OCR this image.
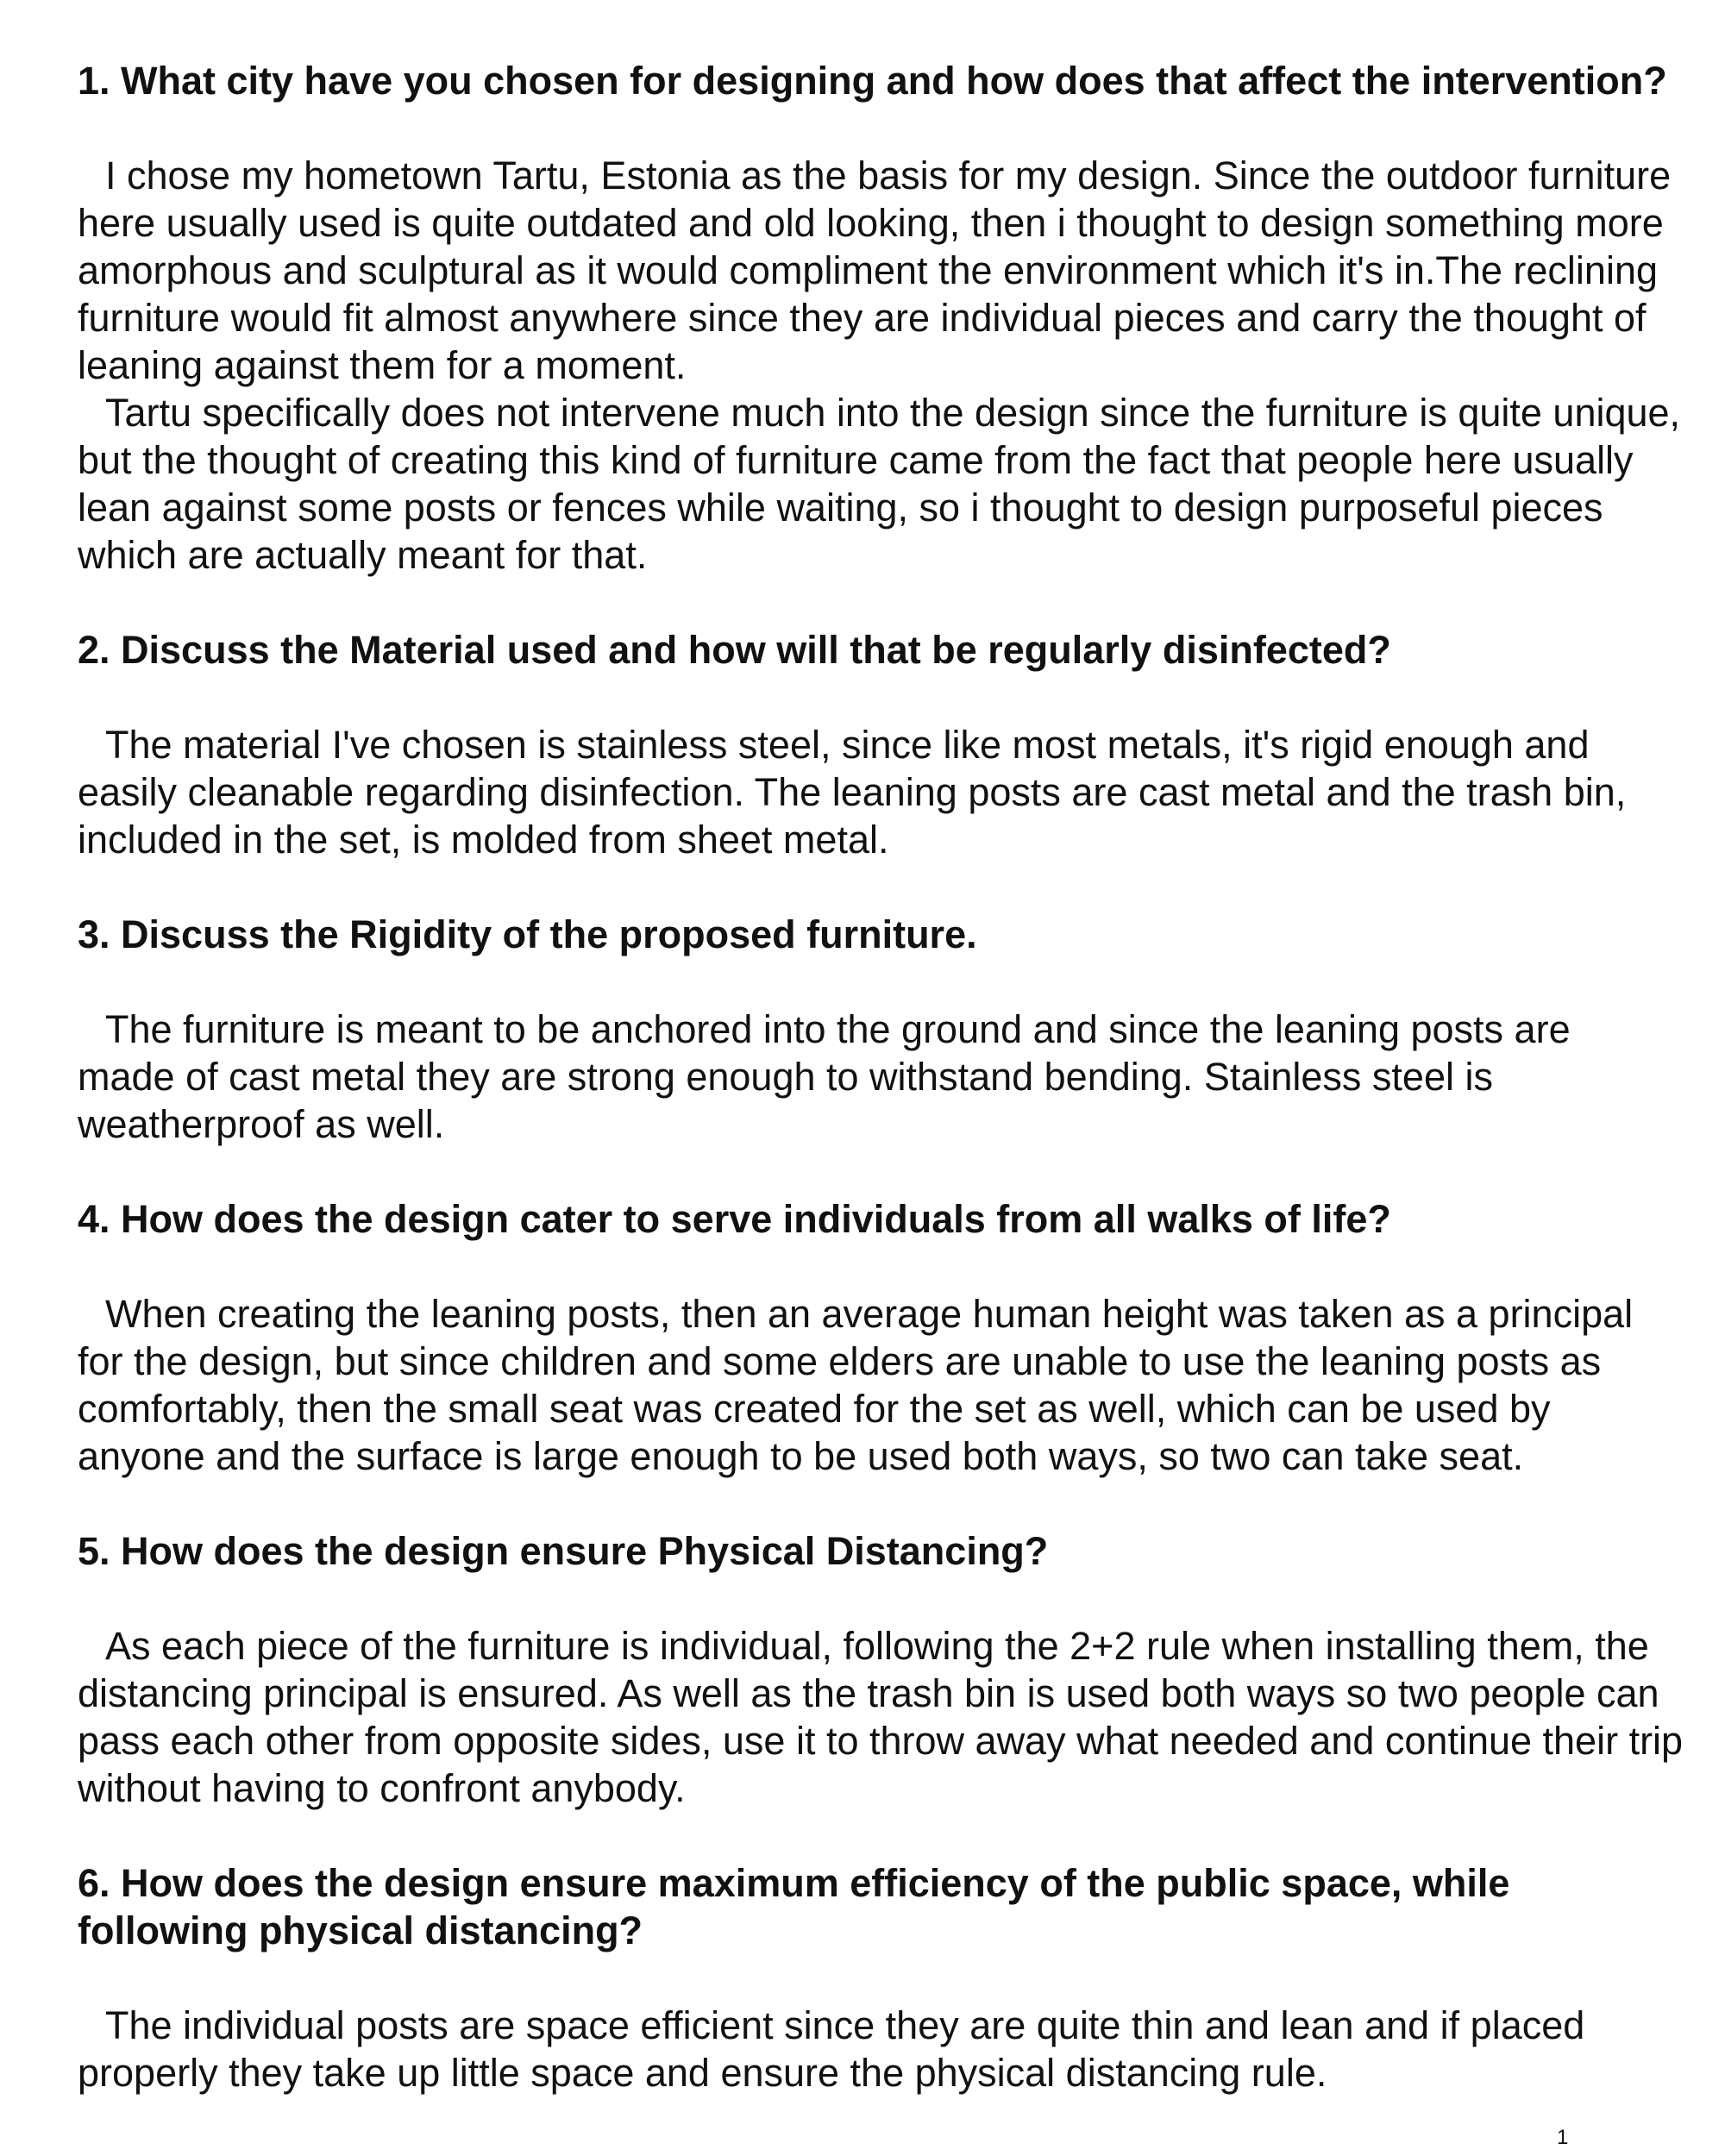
1. What city have you chosen for designing and how does that affect the intervention?

I chose my hometown Tartu, Estonia as the basis for my design. Since the outdoor furniture here usually used is quite outdated and old looking, then i thought to design something more amorphous and sculptural as it would compliment the environment which it's in.The reclining furniture would fit almost anywhere since they are individual pieces and carry the thought of leaning against them for a moment.

Tartu specifically does not intervene much into the design since the furniture is quite unique, but the thought of creating this kind of furniture came from the fact that people here usually lean against some posts or fences while waiting, so i thought to design purposeful pieces which are actually meant for that.

2. Discuss the Material used and how will that be regularly disinfected?

The material I've chosen is stainless steel, since like most metals, it's rigid enough and easily cleanable regarding disinfection. The leaning posts are cast metal and the trash bin, included in the set, is molded from sheet metal.

3. Discuss the Rigidity of the proposed furniture.

The furniture is meant to be anchored into the ground and since the leaning posts are made of cast metal they are strong enough to withstand bending. Stainless steel is weatherproof as well.

4. How does the design cater to serve individuals from all walks of life?

When creating the leaning posts, then an average human height was taken as a principal for the design, but since children and some elders are unable to use the leaning posts as comfortably, then the small seat was created for the set as well, which can be used by anyone and the surface is large enough to be used both ways, so two can take seat.

5. How does the design ensure Physical Distancing?

As each piece of the furniture is individual, following the 2+2 rule when installing them, the distancing principal is ensured. As well as the trash bin is used both ways so two people can pass each other from opposite sides, use it to throw away what needed and continue their trip without having to confront anybody.

6. How does the design ensure maximum efficiency of the public space, while following physical distancing?

The individual posts are space efficient since they are quite thin and lean and if placed properly they take up little space and ensure the physical distancing rule.

1
